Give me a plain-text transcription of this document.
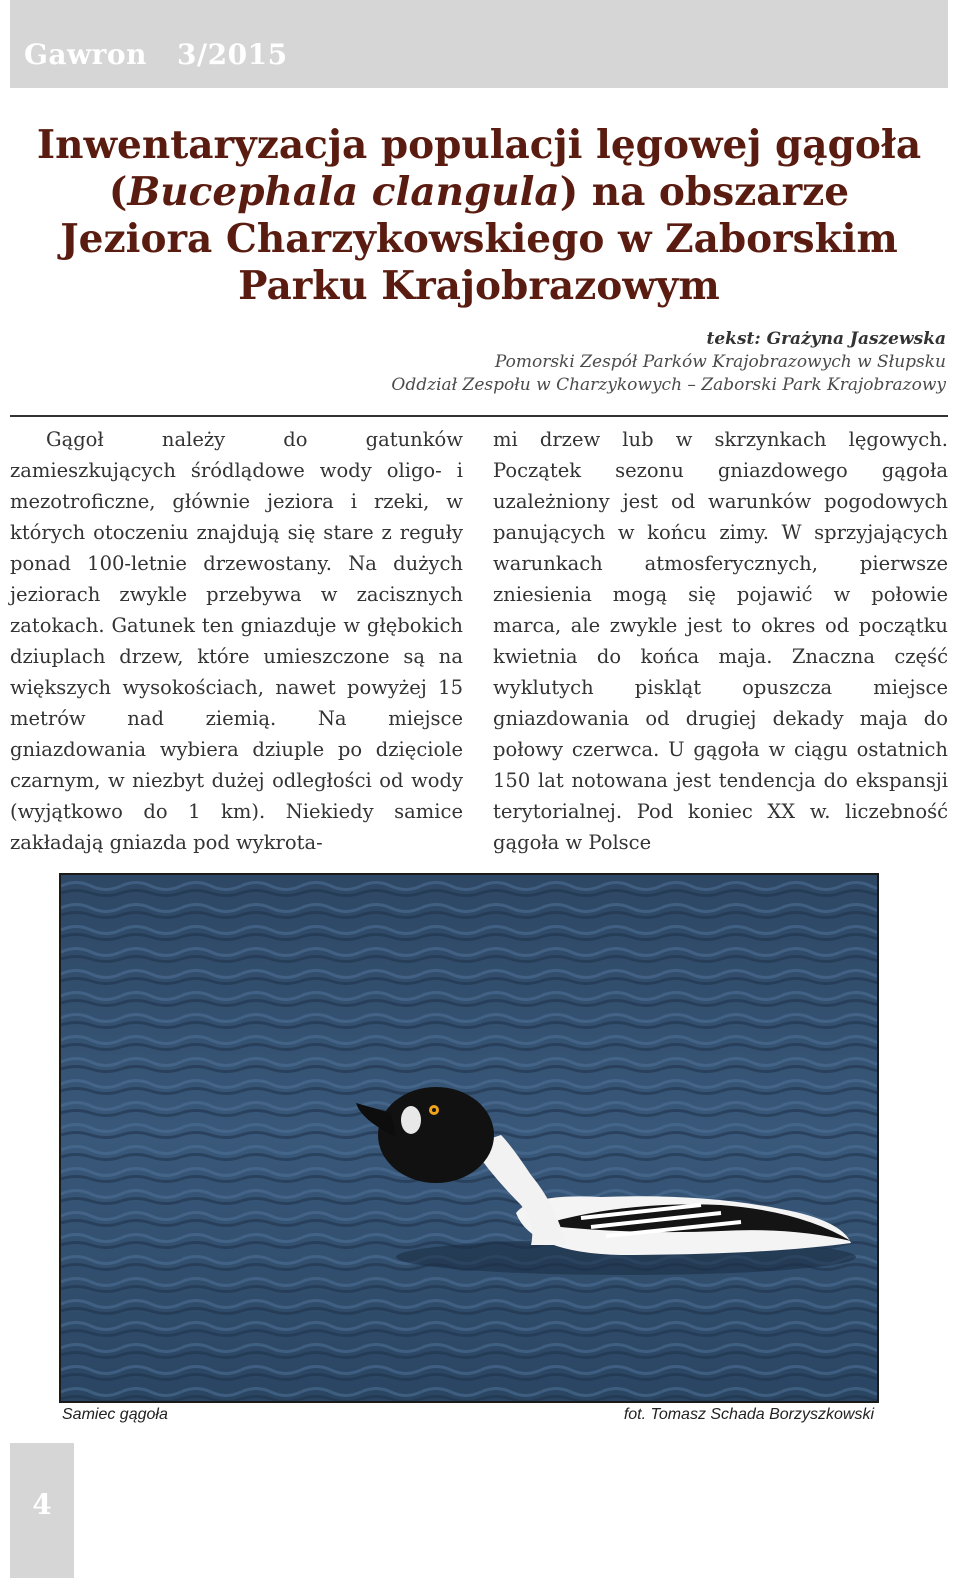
Gawron 3/2015
Inwentaryzacja populacji lęgowej gągoła
(Bucephala clangula) na obszarze
Jeziora Charzykowskiego w Zaborskim
Parku Krajobrazowym
tekst: Grażyna Jaszewska
Pomorski Zespół Parków Krajobrazowych w Słupsku
Oddział Zespołu w Charzykowych – Zaborski Park Krajobrazowy

Gągoł należy do gatunków zamieszkujących śródlądowe wody oligo- i mezotroficzne, głównie jeziora i rzeki, w których otoczeniu znajdują się stare z reguły ponad 100-letnie drzewostany. Na dużych jeziorach zwykle przebywa w zacisznych zatokach. Gatunek ten gniazduje w głębokich dziuplach drzew, które umieszczone są na większych wysokościach, nawet powyżej 15 metrów nad ziemią. Na miejsce gniazdowania wybiera dziuple po dzięciole czarnym, w niezbyt dużej odległości od wody (wyjątkowo do 1 km). Niekiedy samice zakładają gniazda pod wykrota-

mi drzew lub w skrzynkach lęgowych. Początek sezonu gniazdowego gągoła uzależniony jest od warunków pogodowych panujących w końcu zimy. W sprzyjających warunkach atmosferycznych, pierwsze zniesienia mogą się pojawić w połowie marca, ale zwykle jest to okres od początku kwietnia do końca maja. Znaczna część wyklutych piskląt opuszcza miejsce gniazdowania od drugiej dekady maja do połowy czerwca. U gągoła w ciągu ostatnich 150 lat notowana jest tendencja do ekspansji terytorialnej. Pod koniec XX w. liczebność gągoła w Polsce

Samiec gągoła	fot. Tomasz Schada Borzyszkowski
4
